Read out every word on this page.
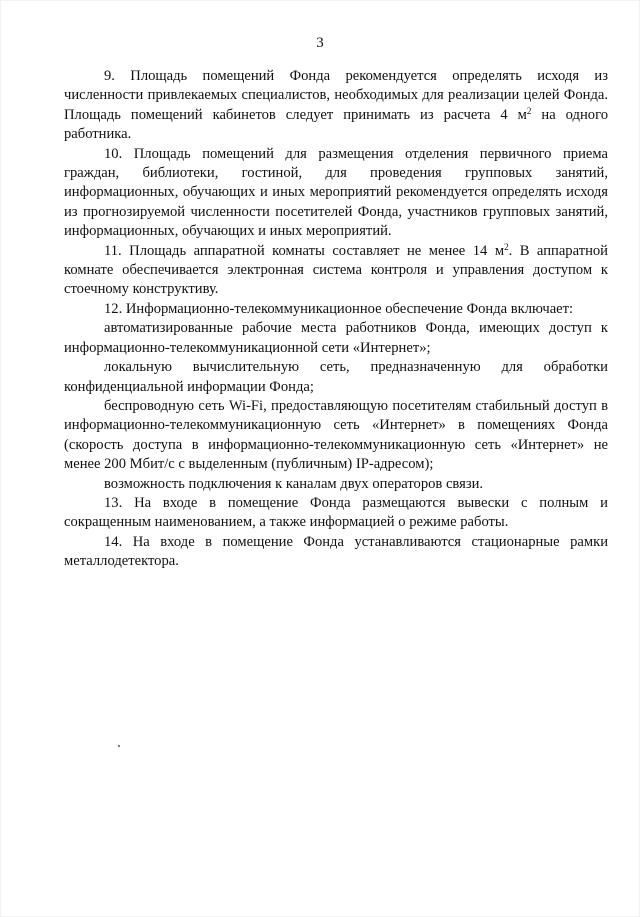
3

9. Площадь помещений Фонда рекомендуется определять исходя из численности привлекаемых специалистов, необходимых для реализации целей Фонда. Площадь помещений кабинетов следует принимать из расчета 4 $м^2$ на одного работника.

10. Площадь помещений для размещения отделения первичного приема граждан, библиотеки, гостиной, для проведения групповых занятий, информационных, обучающих и иных мероприятий рекомендуется определять исходя из прогнозируемой численности посетителей Фонда, участников групповых занятий, информационных, обучающих и иных мероприятий.

11. Площадь аппаратной комнаты составляет не менее 14 $м^2$. В аппаратной комнате обеспечивается электронная система контроля и управления доступом к стоечному конструктиву.

12. Информационно-телекоммуникационное обеспечение Фонда включает:

автоматизированные рабочие места работников Фонда, имеющих доступ к информационно-телекоммуникационной сети «Интернет»;

локальную вычислительную сеть, предназначенную для обработки конфиденциальной информации Фонда;

беспроводную сеть Wi-Fi, предоставляющую посетителям стабильный доступ в информационно-телекоммуникационную сеть «Интернет» в помещениях Фонда (скорость доступа в информационно-телекоммуникационную сеть «Интернет» не менее 200 Мбит/с с выделенным (публичным) IP-адресом);

возможность подключения к каналам двух операторов связи.

13. На входе в помещение Фонда размещаются вывески с полным и сокращенным наименованием, а также информацией о режиме работы.

14. На входе в помещение Фонда устанавливаются стационарные рамки металлодетектора.
